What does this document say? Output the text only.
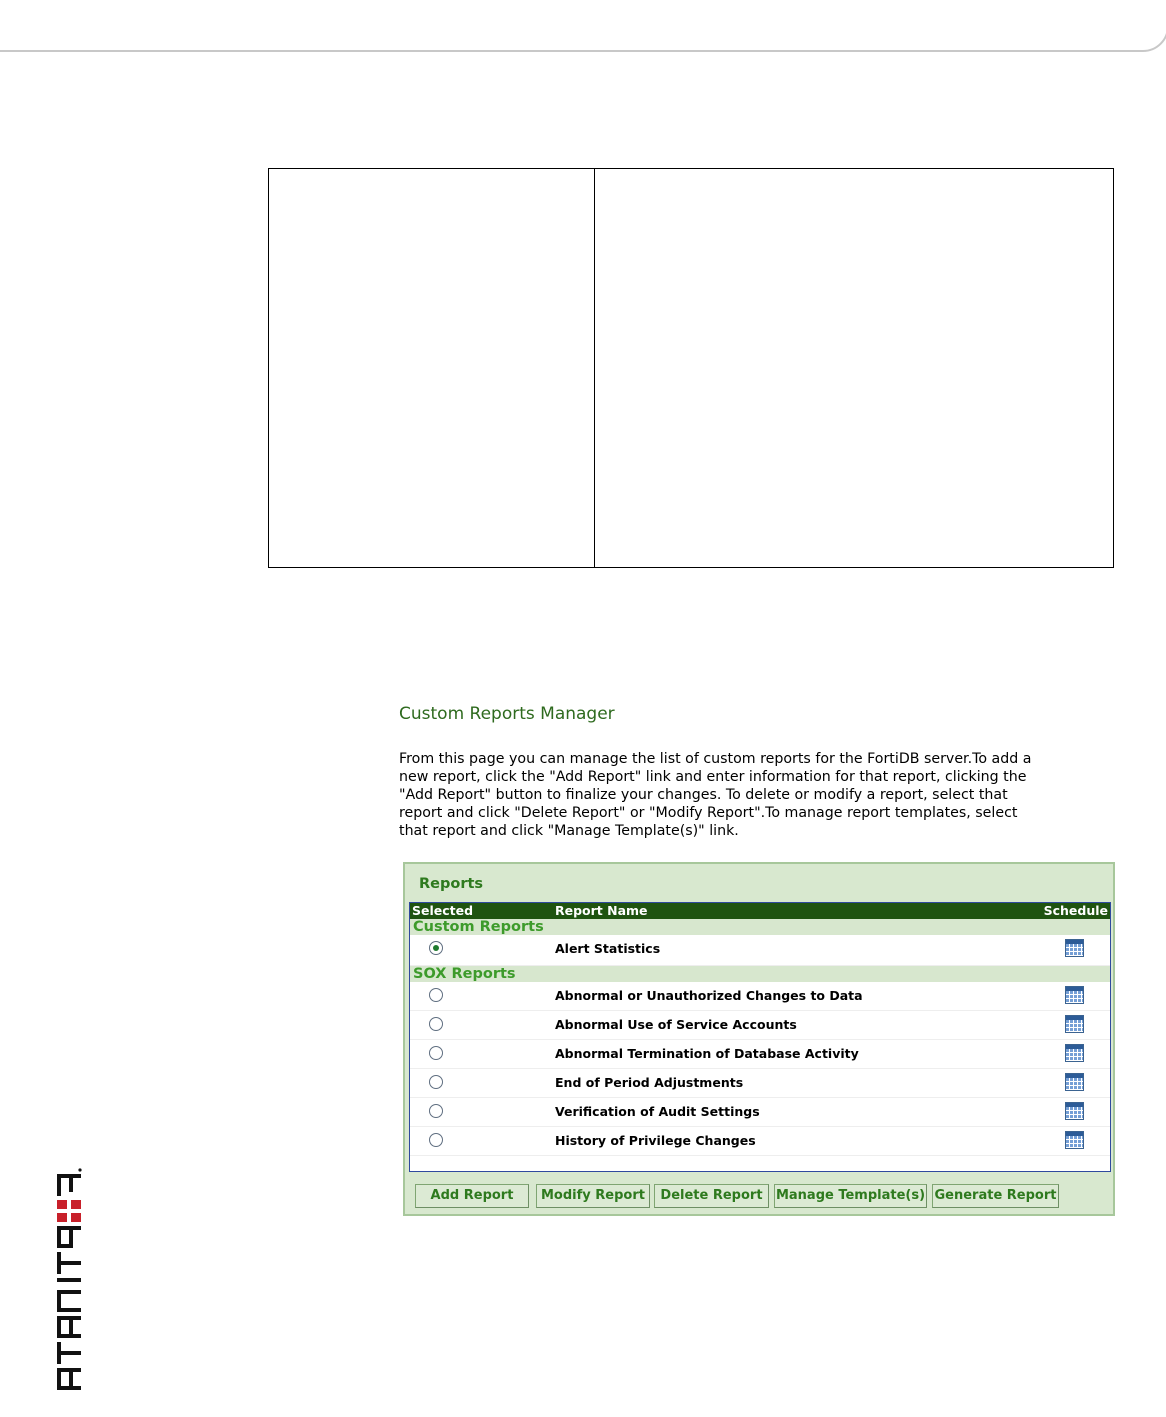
Custom Reports Manager
From this page you can manage the list of custom reports for the FortiDB server.To add a
new report, click the "Add Report" link and enter information for that report, clicking the
"Add Report" button to finalize your changes. To delete or modify a report, select that
report and click "Delete Report" or "Modify Report".To manage report templates, select
that report and click "Manage Template(s)" link.
Reports
Selected	Report Name	Schedule
Custom Reports
Alert Statistics
SOX Reports
Abnormal or Unauthorized Changes to Data
Abnormal Use of Service Accounts
Abnormal Termination of Database Activity
End of Period Adjustments
Verification of Audit Settings
History of Privilege Changes
Add Report	Modify Report	Delete Report	Manage Template(s) Generate Report
